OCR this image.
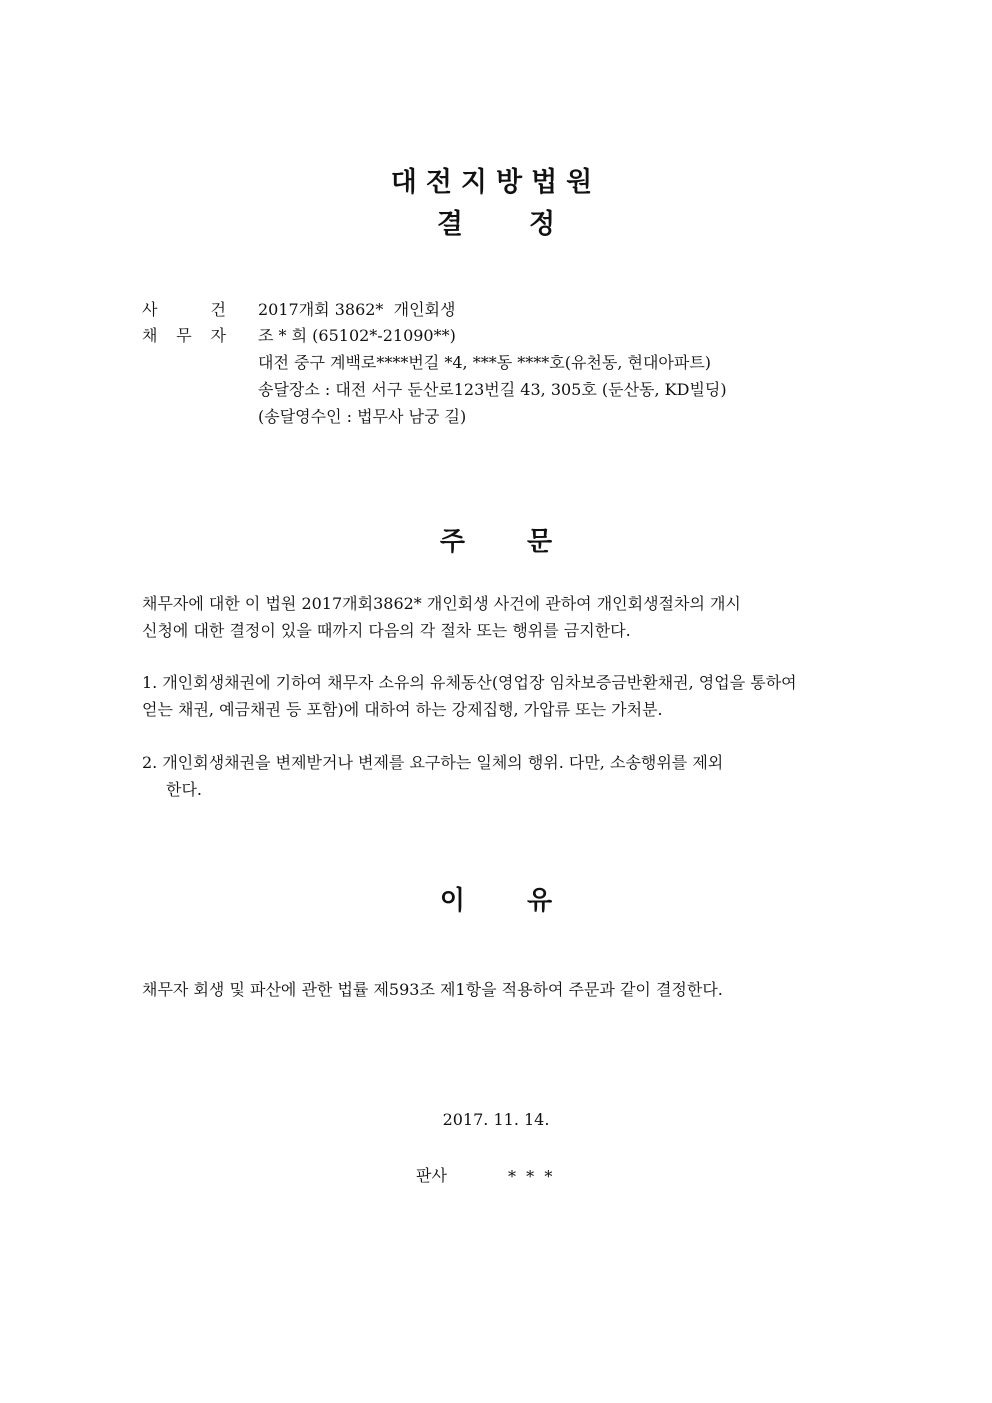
대전지방법원
결 정
사	건 2017개회 3862*  개인회생
채 무 자 조 * 희 (65102*-21090**)
대전 중구 계백로****번길 *4, ***동 ****호(유천동, 현대아파트)
송달장소 : 대전 서구 둔산로123번길 43, 305호 (둔산동, KD빌딩)
(송달영수인 : 법무사 남궁 길)
주 문
채무자에 대한 이 법원 2017개회3862* 개인회생 사건에 관하여 개인회생절차의 개시
신청에 대한 결정이 있을 때까지 다음의 각 절차 또는 행위를 금지한다.
1. 개인회생채권에 기하여 채무자 소유의 유체동산(영업장 임차보증금반환채권, 영업을 통하여
얻는 채권, 예금채권 등 포함)에 대하여 하는 강제집행, 가압류 또는 가처분.
2. 개인회생채권을 변제받거나 변제를 요구하는 일체의 행위. 다만, 소송행위를 제외
한다.
이 유
채무자 회생 및 파산에 관한 법률 제593조 제1항을 적용하여 주문과 같이 결정한다.
2017. 11. 14.
판사	*  *  *
